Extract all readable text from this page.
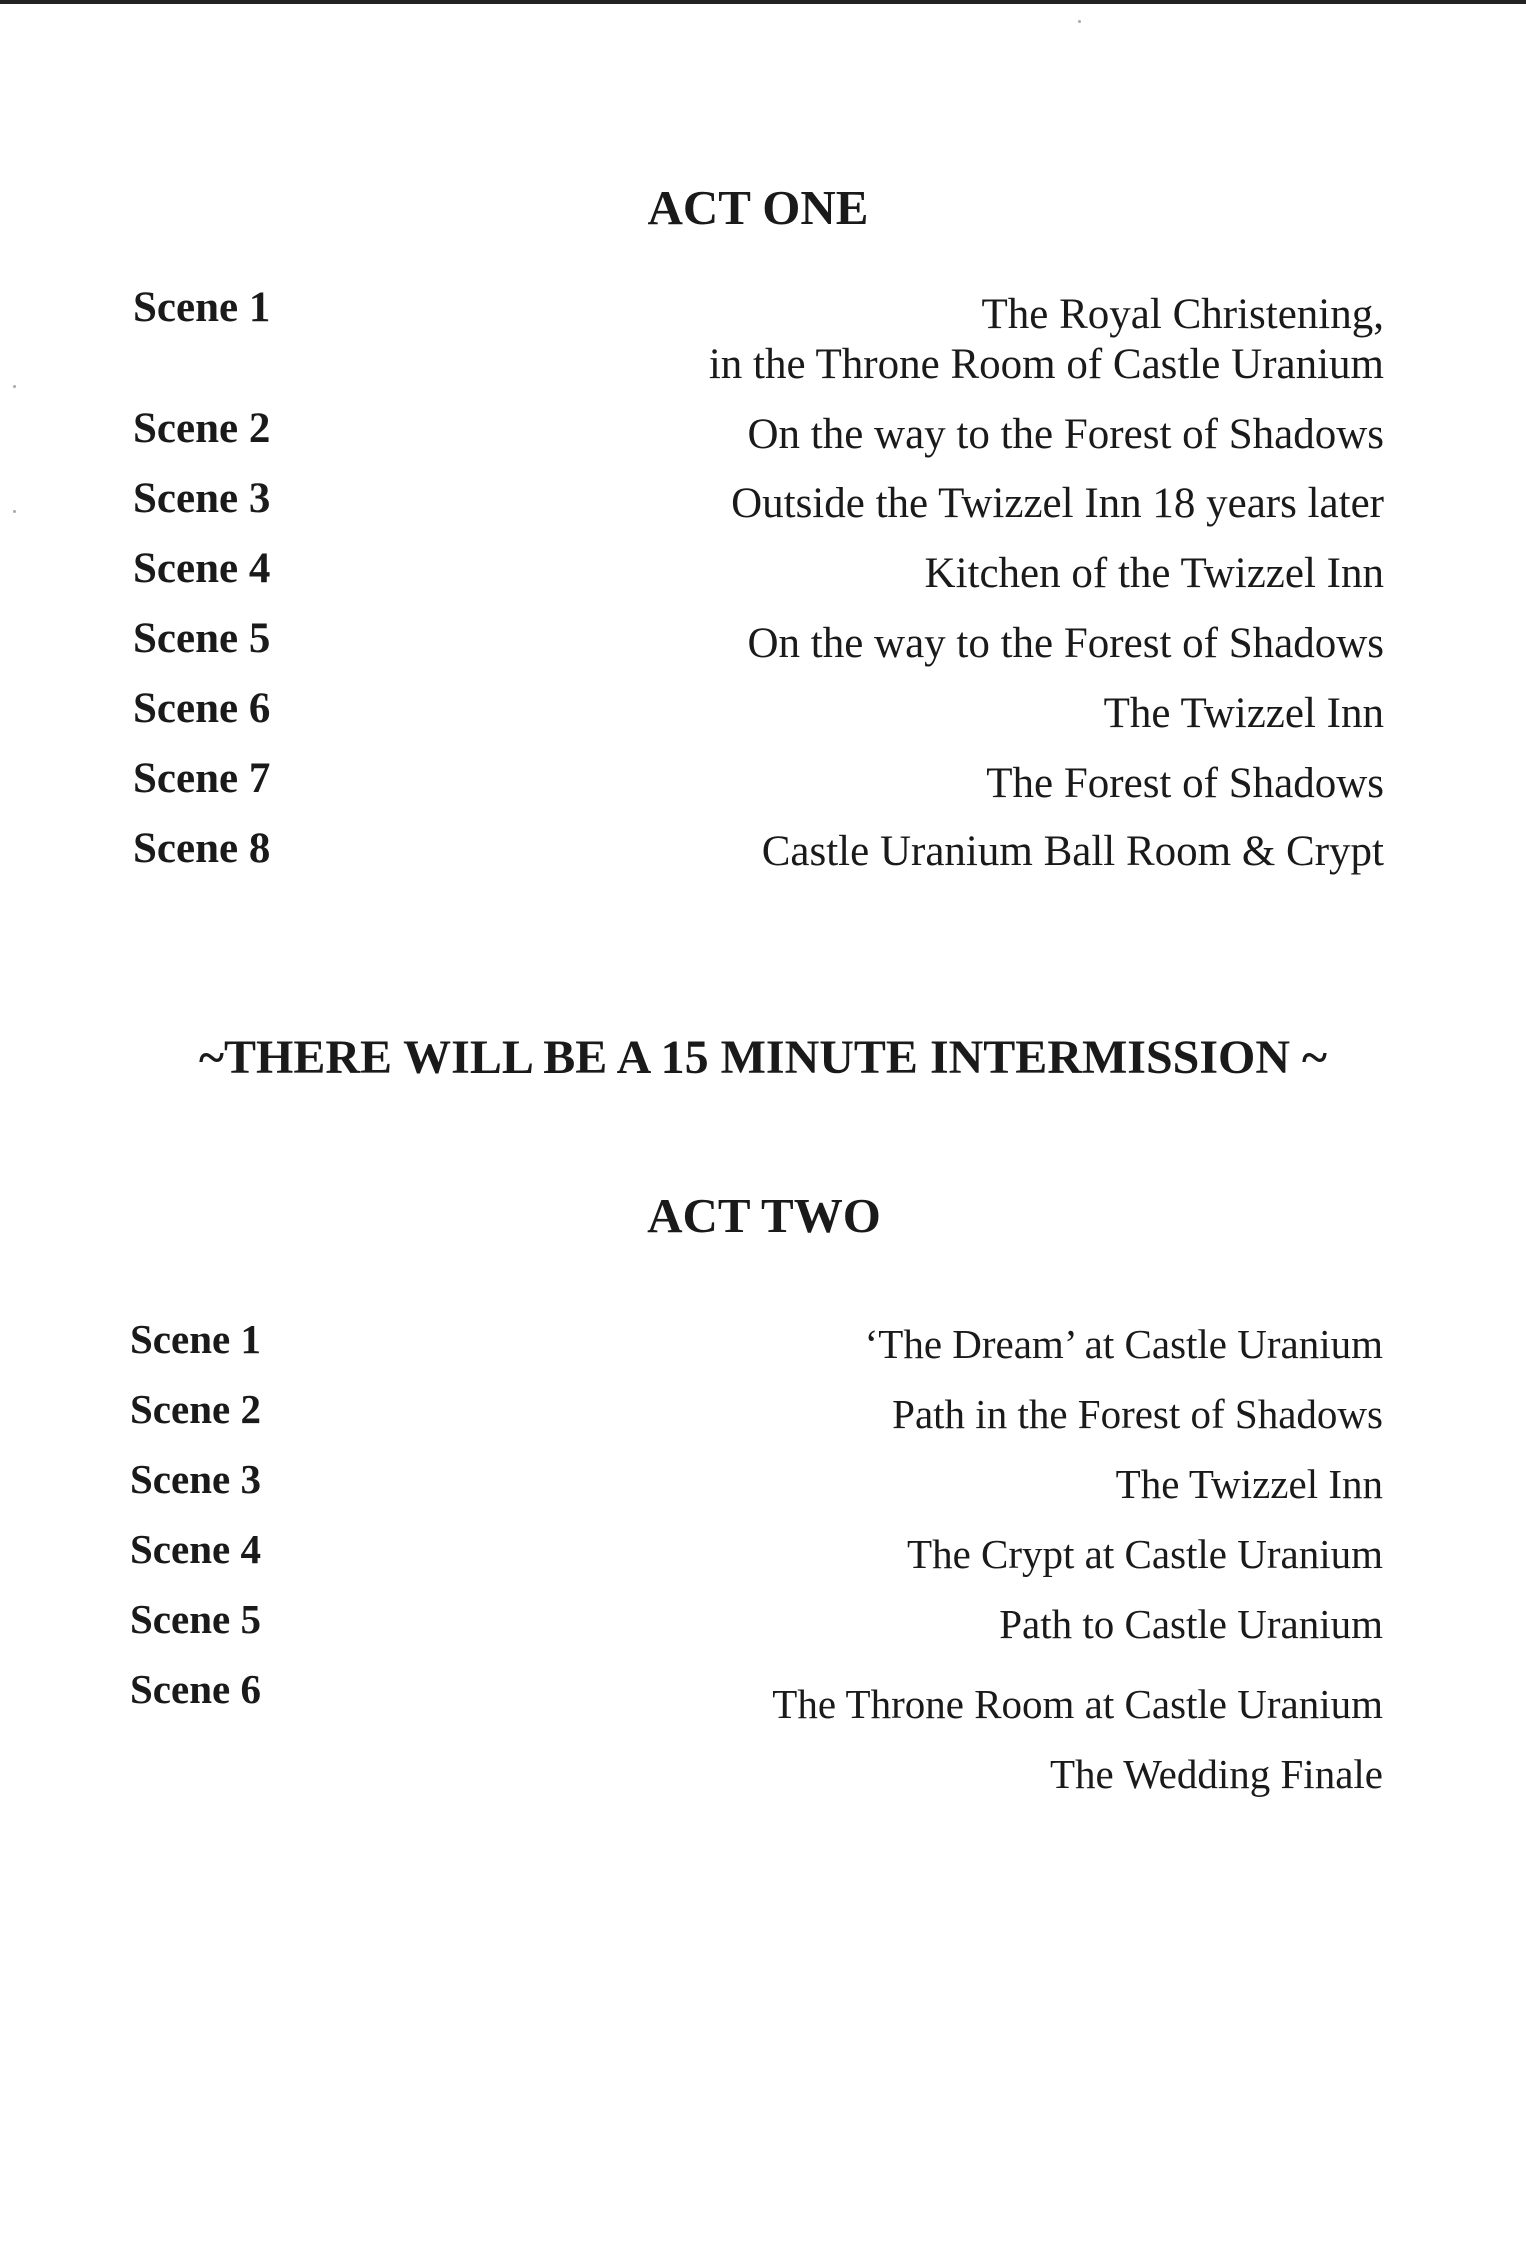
ACT ONE
Scene 1	The Royal Christening,
in the Throne Room of Castle Uranium
Scene 2	On the way to the Forest of Shadows
Scene 3	Outside the Twizzel Inn 18 years later
Scene 4	Kitchen of the Twizzel Inn
Scene 5	On the way to the Forest of Shadows
Scene 6	The Twizzel Inn
Scene 7	The Forest of Shadows
Scene 8	Castle Uranium Ball Room & Crypt
~THERE WILL BE A 15 MINUTE INTERMISSION ~
ACT TWO
Scene 1	‘The Dream’ at Castle Uranium
Scene 2	Path in the Forest of Shadows
Scene 3	The Twizzel Inn
Scene 4	The Crypt at Castle Uranium
Scene 5	Path to Castle Uranium
Scene 6	The Throne Room at Castle Uranium
The Wedding Finale
